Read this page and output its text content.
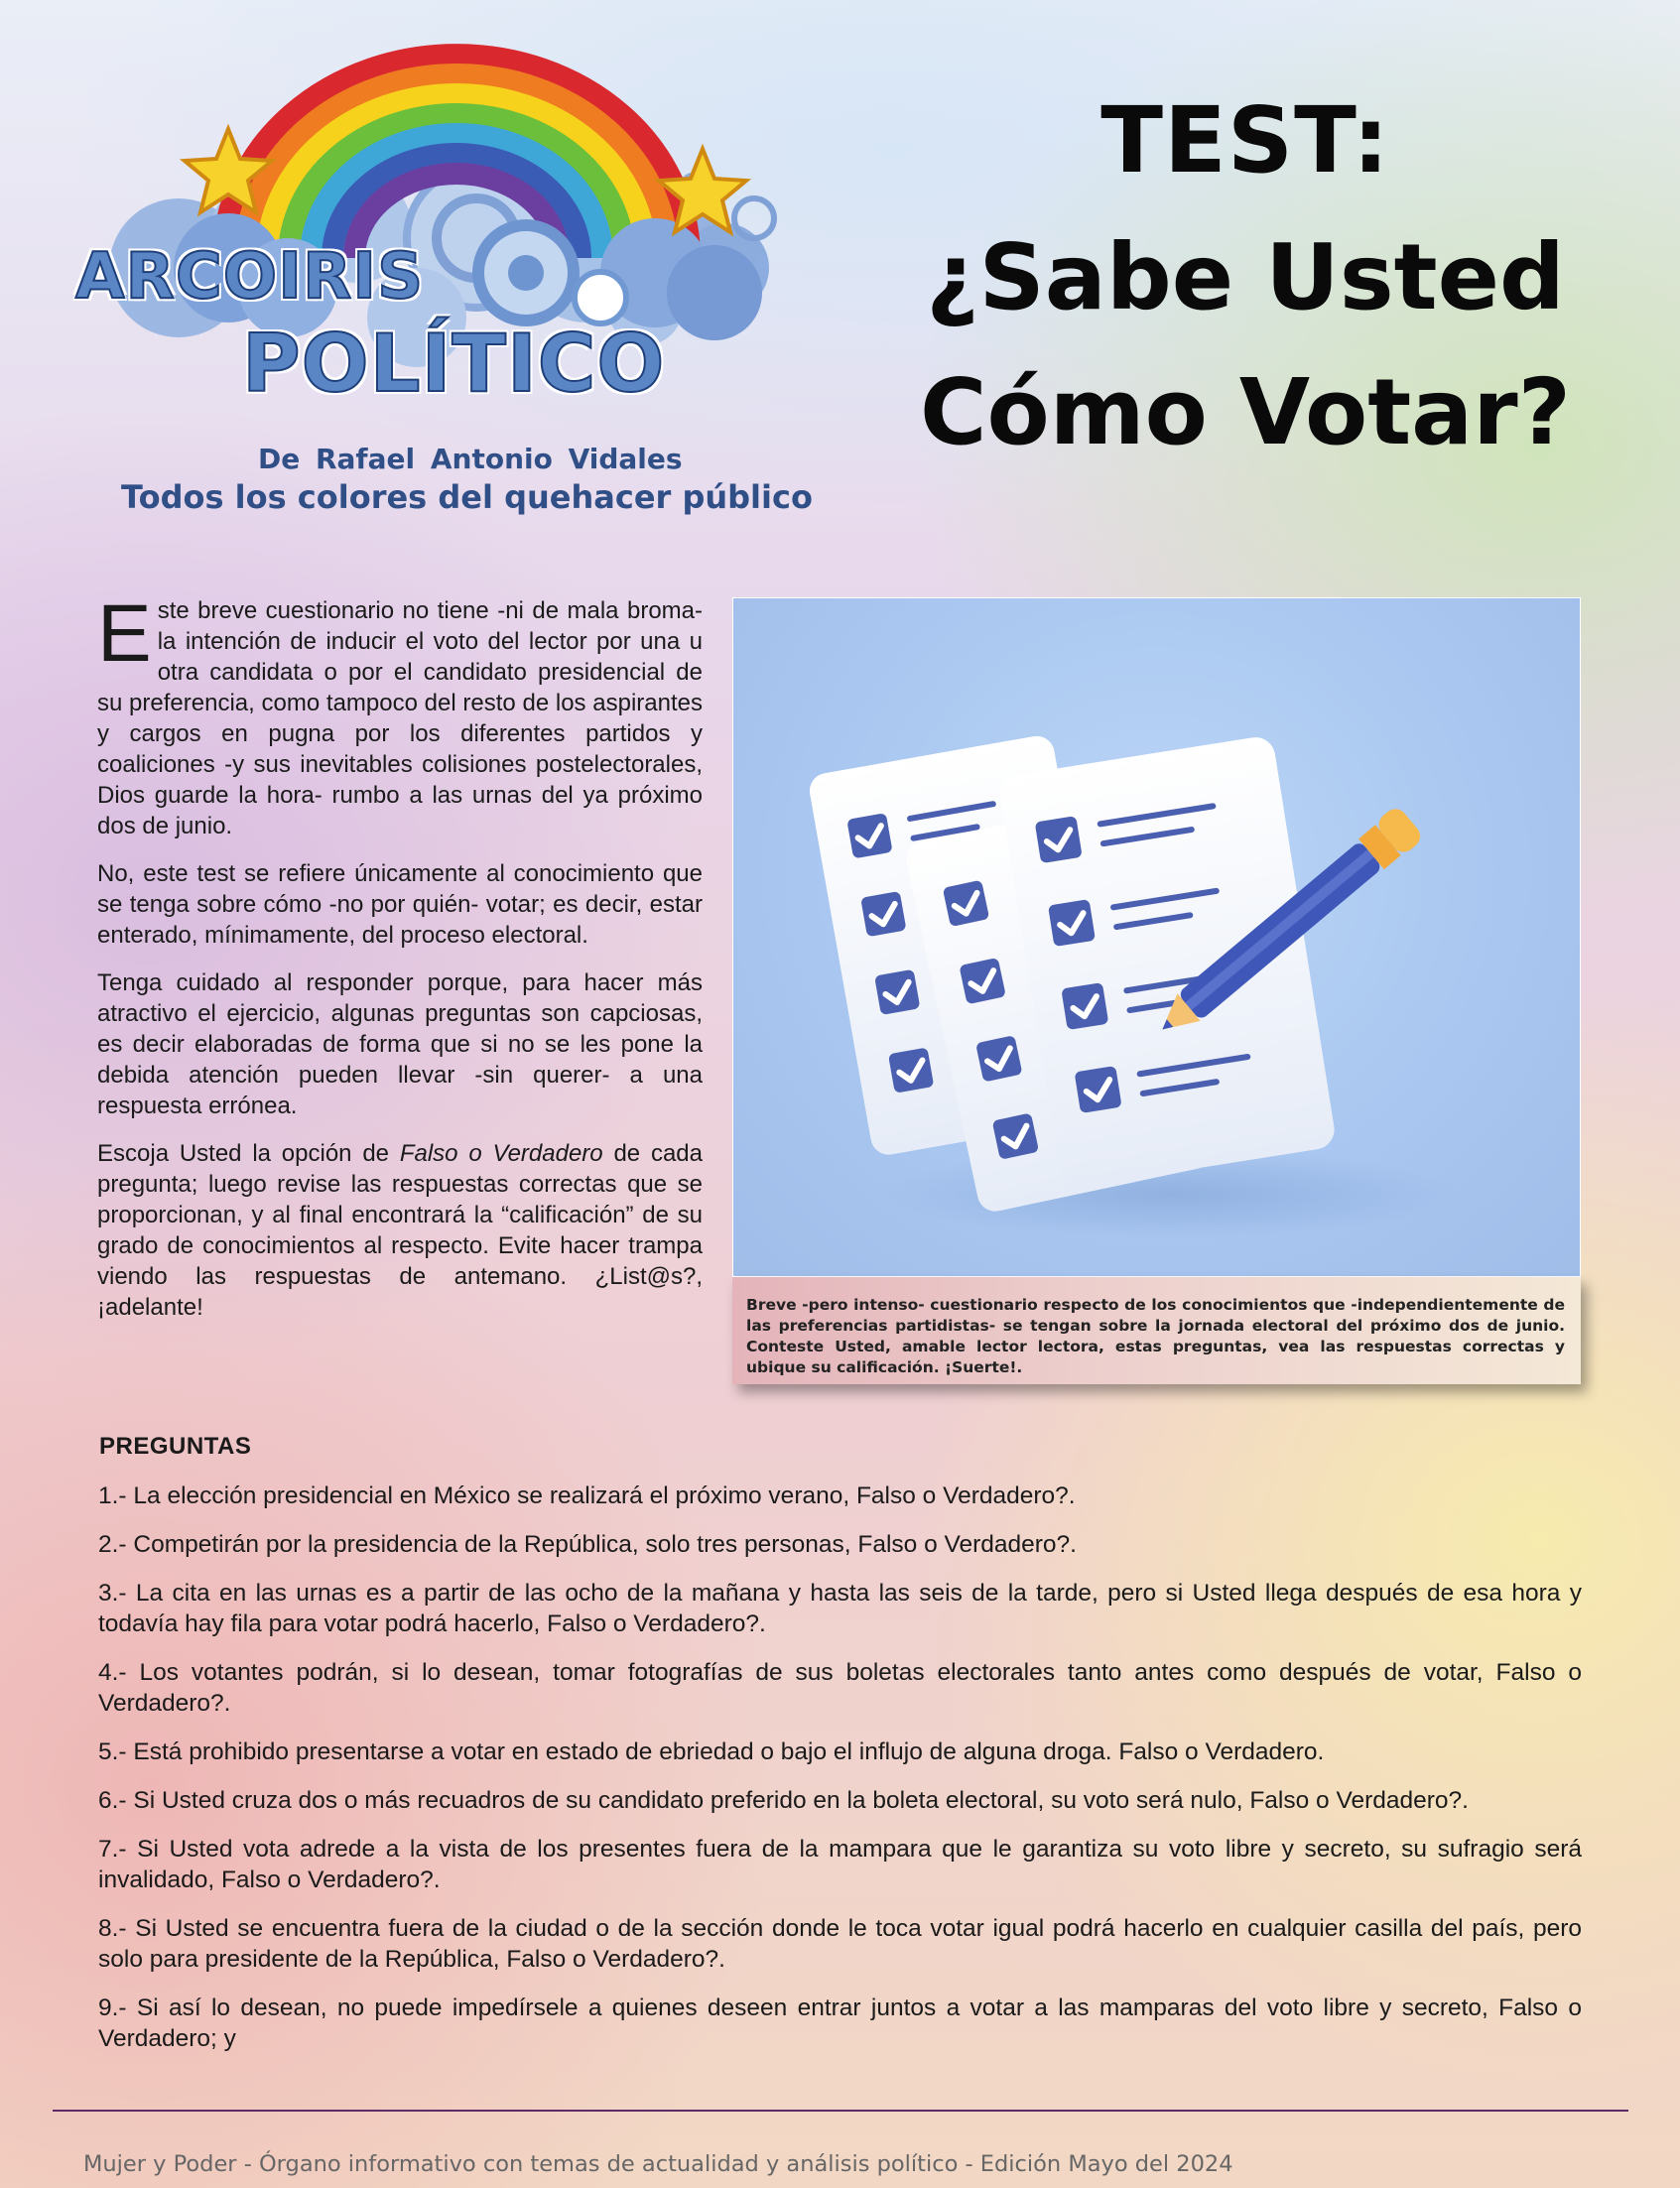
ARCOIRIS
POLÍTICO
De Rafael Antonio Vidales
Todos los colores del quehacer público
TEST:
¿Sabe Usted
Cómo Votar?

Este breve cuestionario no tiene -ni de mala broma- la intención de inducir el voto del lector por una u otra candidata o por el candidato presidencial de su preferencia, como tampoco del resto de los aspirantes y cargos en pugna por los diferentes partidos y coaliciones -y sus inevitables colisiones postelectorales, Dios guarde la hora- rumbo a las urnas del ya próximo dos de junio.

No, este test se refiere únicamente al conocimiento que se tenga sobre cómo -no por quién- votar; es decir, estar enterado, mínimamente, del proceso electoral.

Tenga cuidado al responder porque, para hacer más atractivo el ejercicio, algunas preguntas son capciosas, es decir elaboradas de forma que si no se les pone la debida atención pueden llevar -sin querer- a una respuesta errónea.

Escoja Usted la opción de Falso o Verdadero de cada pregunta; luego revise las respuestas correctas que se proporcionan, y al final encontrará la “calificación” de su grado de conocimientos al respecto. Evite hacer trampa viendo las respuestas de antemano. ¿List@s?, ¡adelante!	Breve -pero intenso- cuestionario respecto de los conocimientos que -independientemente de las preferencias partidistas- se tengan sobre la jornada electoral del próximo dos de junio. Conteste Usted, amable lector lectora, estas preguntas, vea las respuestas correctas y ubique su calificación. ¡Suerte!.
PREGUNTAS
1.- La elección presidencial en México se realizará el próximo verano, Falso o Verdadero?.
2.- Competirán por la presidencia de la República, solo tres personas, Falso o Verdadero?.
3.- La cita en las urnas es a partir de las ocho de la mañana y hasta las seis de la tarde, pero si Usted llega después de esa hora y todavía hay fila para votar podrá hacerlo, Falso o Verdadero?.
4.- Los votantes podrán, si lo desean, tomar fotografías de sus boletas electorales tanto antes como después de votar, Falso o Verdadero?.
5.- Está prohibido presentarse a votar en estado de ebriedad o bajo el influjo de alguna droga. Falso o Verdadero.
6.- Si Usted cruza dos o más recuadros de su candidato preferido en la boleta electoral, su voto será nulo, Falso o Verdadero?.
7.- Si Usted vota adrede a la vista de los presentes fuera de la mampara que le garantiza su voto libre y secreto, su sufragio será invalidado, Falso o Verdadero?.
8.- Si Usted se encuentra fuera de la ciudad o de la sección donde le toca votar igual podrá hacerlo en cualquier casilla del país, pero solo para presidente de la República, Falso o Verdadero?.
9.- Si así lo desean, no puede impedírsele a quienes deseen entrar juntos a votar a las mamparas del voto libre y secreto, Falso o Verdadero; y
Mujer y Poder - Órgano informativo con temas de actualidad y análisis político - Edición Mayo del 2024
